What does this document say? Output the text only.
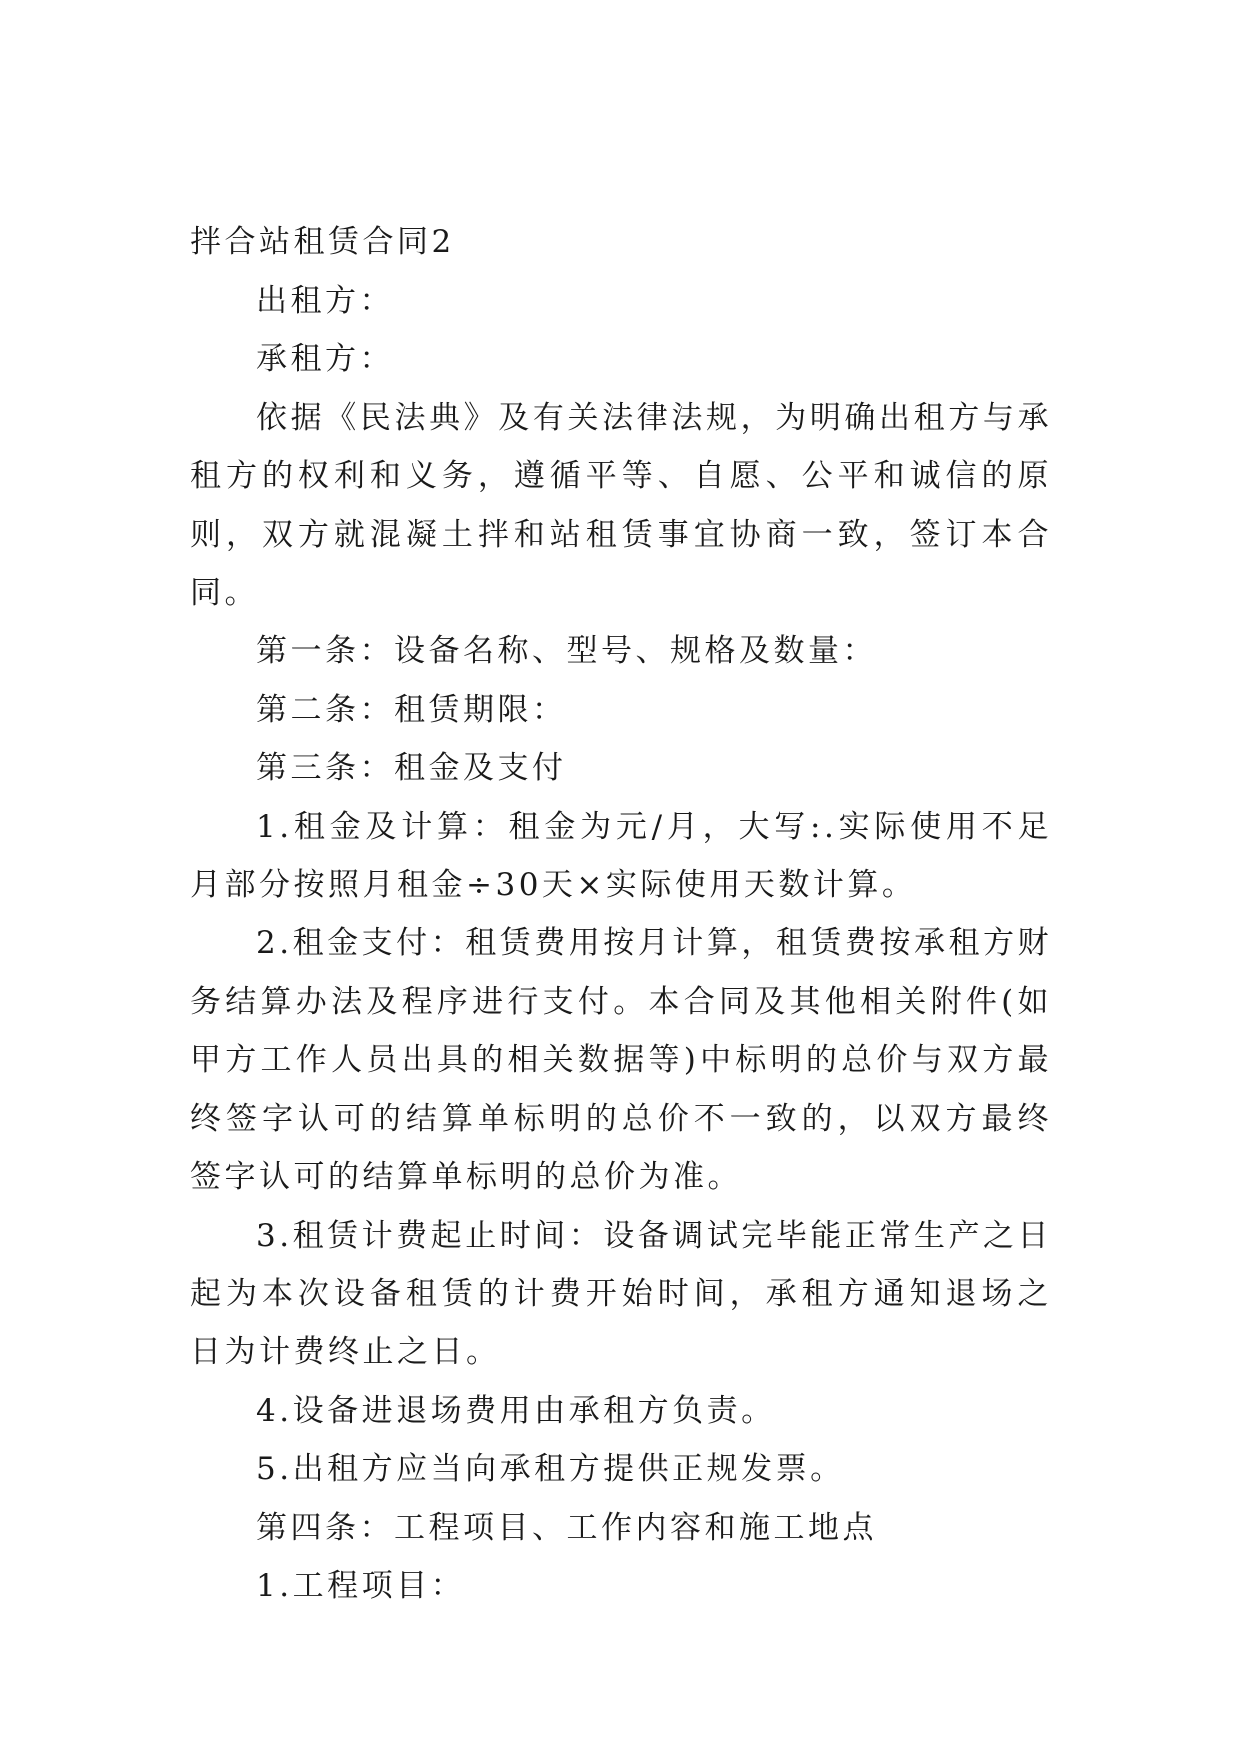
拌合站租赁合同2

出租方：

承租方：

依据《民法典》及有关法律法规，为明确出租方与承租方的权利和义务，遵循平等、自愿、公平和诚信的原则，双方就混凝土拌和站租赁事宜协商一致，签订本合同。

第一条：设备名称、型号、规格及数量：

第二条：租赁期限：

第三条：租金及支付

1.租金及计算：租金为元/月，大写:.实际使用不足月部分按照月租金÷30天×实际使用天数计算。

2.租金支付：租赁费用按月计算，租赁费按承租方财务结算办法及程序进行支付。本合同及其他相关附件(如甲方工作人员出具的相关数据等)中标明的总价与双方最终签字认可的结算单标明的总价不一致的，以双方最终签字认可的结算单标明的总价为准。

3.租赁计费起止时间：设备调试完毕能正常生产之日起为本次设备租赁的计费开始时间，承租方通知退场之日为计费终止之日。

4.设备进退场费用由承租方负责。

5.出租方应当向承租方提供正规发票。

第四条：工程项目、工作内容和施工地点

1.工程项目：
